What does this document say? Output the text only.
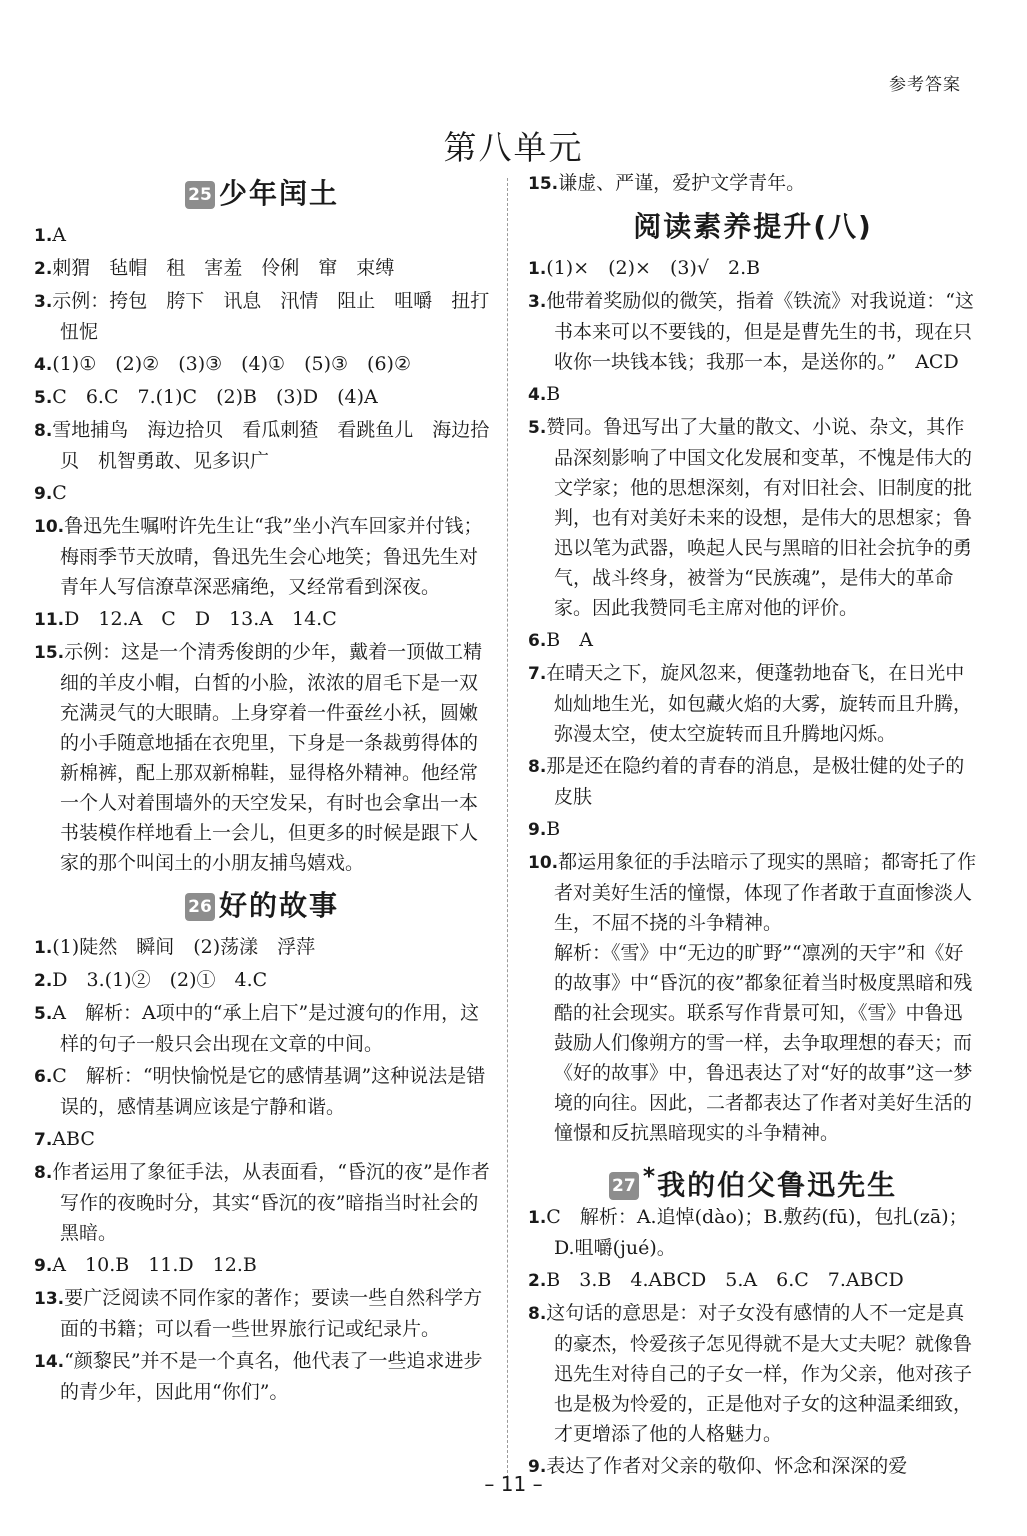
参考答案
第八单元
25 少年闰土
1.A
2.刺猬　毡帽　租　害羞　伶俐　窜　束缚
3.示例：挎包　胯下　讯息　汛情　阻止　咀嚼　扭打　忸怩
4.(1)①　(2)②　(3)③　(4)①　(5)③　(6)②
5.C　6.C　7.(1)C　(2)B　(3)D　(4)A
8.雪地捕鸟　海边拾贝　看瓜刺猹　看跳鱼儿　海边拾贝　机智勇敢、见多识广
9.C
10.鲁迅先生嘱咐许先生让“我”坐小汽车回家并付钱；梅雨季节天放晴，鲁迅先生会心地笑；鲁迅先生对青年人写信潦草深恶痛绝，又经常看到深夜。
11.D　12.A　C　D　13.A　14.C
15.示例：这是一个清秀俊朗的少年，戴着一顶做工精细的羊皮小帽，白皙的小脸，浓浓的眉毛下是一双充满灵气的大眼睛。上身穿着一件蚕丝小袄，圆嫩的小手随意地插在衣兜里，下身是一条裁剪得体的新棉裤，配上那双新棉鞋，显得格外精神。他经常一个人对着围墙外的天空发呆，有时也会拿出一本书装模作样地看上一会儿，但更多的时候是跟下人家的那个叫闰土的小朋友捕鸟嬉戏。
26 好的故事
1.(1)陡然　瞬间　(2)荡漾　浮萍
2.D　3.(1)②　(2)①　4.C
5.A　解析：A项中的“承上启下”是过渡句的作用，这样的句子一般只会出现在文章的中间。
6.C　解析：“明快愉悦是它的感情基调”这种说法是错误的，感情基调应该是宁静和谐。
7.ABC
8.作者运用了象征手法，从表面看，“昏沉的夜”是作者写作的夜晚时分，其实“昏沉的夜”暗指当时社会的黑暗。
9.A　10.B　11.D　12.B
13.要广泛阅读不同作家的著作；要读一些自然科学方面的书籍；可以看一些世界旅行记或纪录片。
14.“颜黎民”并不是一个真名，他代表了一些追求进步的青少年，因此用“你们”。
15.谦虚、严谨，爱护文学青年。
阅读素养提升(八)
1.(1)×　(2)×　(3)√　2.B
3.他带着奖励似的微笑，指着《铁流》对我说道：“这书本来可以不要钱的，但是是曹先生的书，现在只收你一块钱本钱；我那一本，是送你的。”　ACD
4.B
5.赞同。鲁迅写出了大量的散文、小说、杂文，其作品深刻影响了中国文化发展和变革，不愧是伟大的文学家；他的思想深刻，有对旧社会、旧制度的批判，也有对美好未来的设想，是伟大的思想家；鲁迅以笔为武器，唤起人民与黑暗的旧社会抗争的勇气，战斗终身，被誉为“民族魂”，是伟大的革命家。因此我赞同毛主席对他的评价。
6.B　A
7.在晴天之下，旋风忽来，便蓬勃地奋飞，在日光中灿灿地生光，如包藏火焰的大雾，旋转而且升腾，弥漫太空，使太空旋转而且升腾地闪烁。
8.那是还在隐约着的青春的消息，是极壮健的处子的皮肤
9.B
10.都运用象征的手法暗示了现实的黑暗；都寄托了作者对美好生活的憧憬，体现了作者敢于直面惨淡人生，不屈不挠的斗争精神。
解析：《雪》中“无边的旷野”“凛冽的天宇”和《好的故事》中“昏沉的夜”都象征着当时极度黑暗和残酷的社会现实。联系写作背景可知，《雪》中鲁迅鼓励人们像朔方的雪一样，去争取理想的春天；而《好的故事》中，鲁迅表达了对“好的故事”这一梦境的向往。因此，二者都表达了作者对美好生活的憧憬和反抗黑暗现实的斗争精神。
27 *我的伯父鲁迅先生
1.C　解析：A.追悼(dào)；B.敷药(fū)，包扎(zā)；D.咀嚼(jué)。
2.B　3.B　4.ABCD　5.A　6.C　7.ABCD
8.这句话的意思是：对子女没有感情的人不一定是真的豪杰，怜爱孩子怎见得就不是大丈夫呢？就像鲁迅先生对待自己的子女一样，作为父亲，他对孩子也是极为怜爱的，正是他对子女的这种温柔细致，才更增添了他的人格魅力。
9.表达了作者对父亲的敬仰、怀念和深深的爱
– 11 –
